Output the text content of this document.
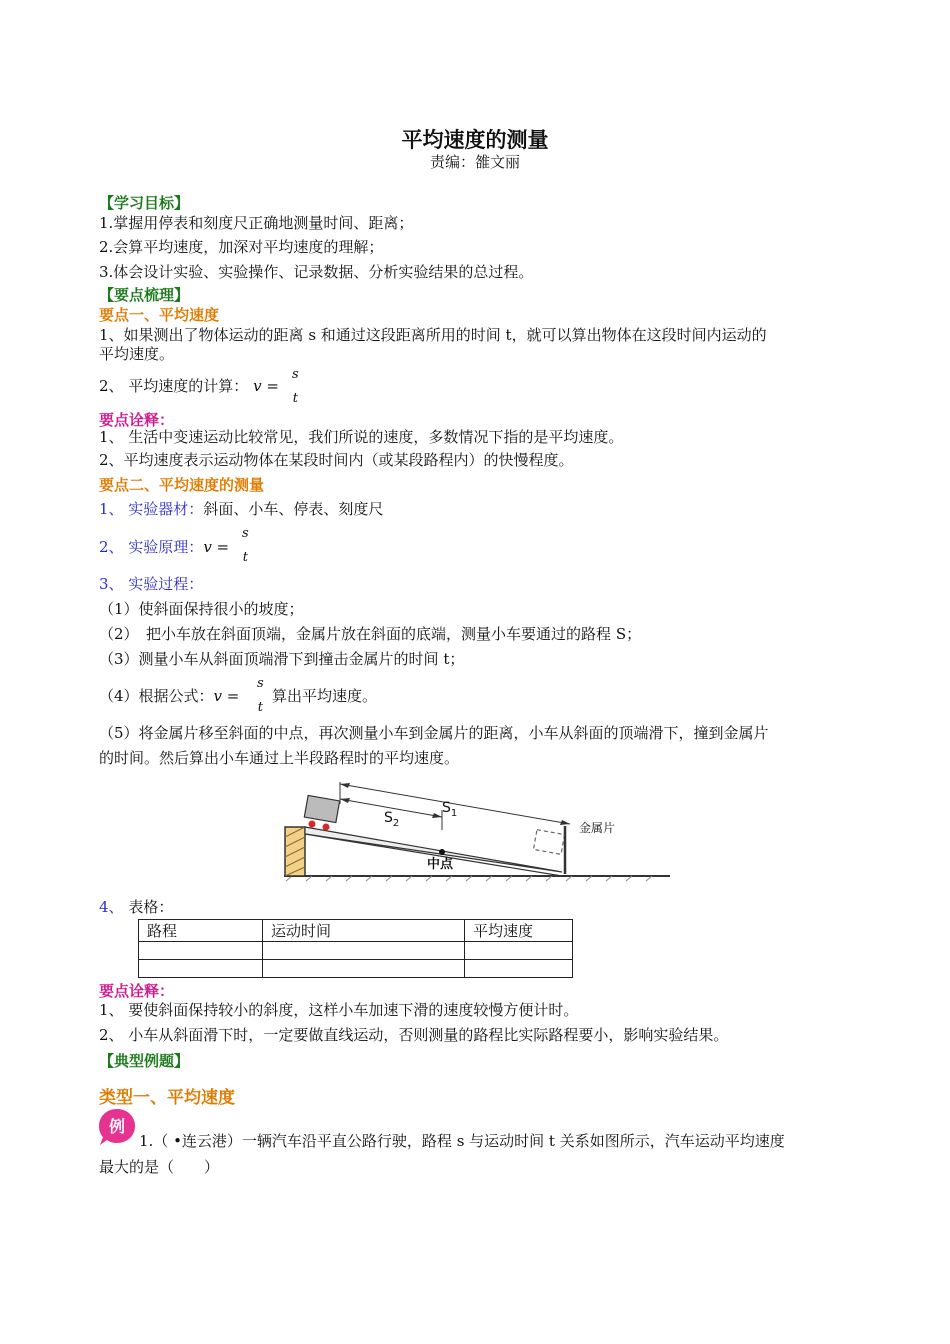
平均速度的测量
责编：雒文丽
【学习目标】
1.掌握用停表和刻度尺正确地测量时间、距离；
2.会算平均速度，加深对平均速度的理解；
3.体会设计实验、实验操作、记录数据、分析实验结果的总过程。
【要点梳理】
要点一、平均速度
1、如果测出了物体运动的距离 s 和通过这段距离所用的时间 t，就可以算出物体在这段时间内运动的
平均速度。
2、 平均速度的计算： v =
s
t
要点诠释：
1、 生活中变速运动比较常见，我们所说的速度，多数情况下指的是平均速度。
2、平均速度表示运动物体在某段时间内（或某段路程内）的快慢程度。
要点二、平均速度的测量
1、 实验器材：斜面、小车、停表、刻度尺
2、 实验原理：v =
s
t
3、 实验过程：
（1）使斜面保持很小的坡度；
（2）　把小车放在斜面顶端，金属片放在斜面的底端，测量小车要通过的路程 S；
（3）测量小车从斜面顶端滑下到撞击金属片的时间 t；
（4）根据公式：v =
s
t
算出平均速度。
（5）将金属片移至斜面的中点，再次测量小车到金属片的距离，小车从斜面的顶端滑下，撞到金属片
的时间。然后算出小车通过上半段路程时的平均速度。
$S_1$
$S_2$
中点
金属片
4、 表格：
路程	运动时间	平均速度

要点诠释：
1、 要使斜面保持较小的斜度，这样小车加速下滑的速度较慢方便计时。
2、 小车从斜面滑下时，一定要做直线运动，否则测量的路程比实际路程要小，影响实验结果。
【典型例题】
类型一、平均速度
例
1.（ •连云港）一辆汽车沿平直公路行驶，路程 s 与运动时间 t 关系如图所示，汽车运动平均速度
最大的是（　　）
